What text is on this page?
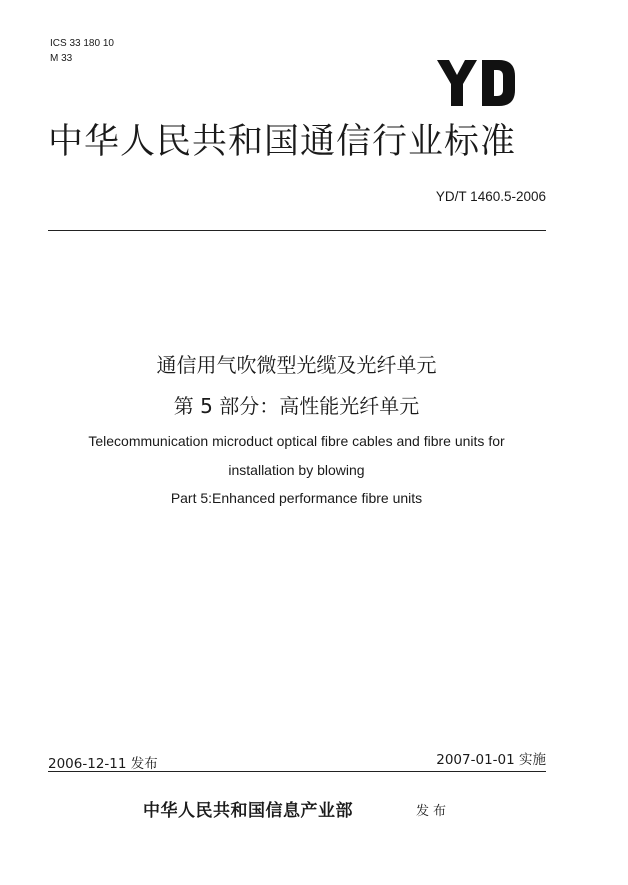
ICS 33 180 10
M 33
中华人民共和国通信行业标准
YD/T 1460.5-2006
通信用气吹微型光缆及光纤单元
第 5 部分：高性能光纤单元
Telecommunication microduct optical fibre cables and fibre units for
installation by blowing
Part 5:Enhanced performance fibre units
2006-12-11 发布	2007-01-01 实施
中华人民共和国信息产业部	发布
